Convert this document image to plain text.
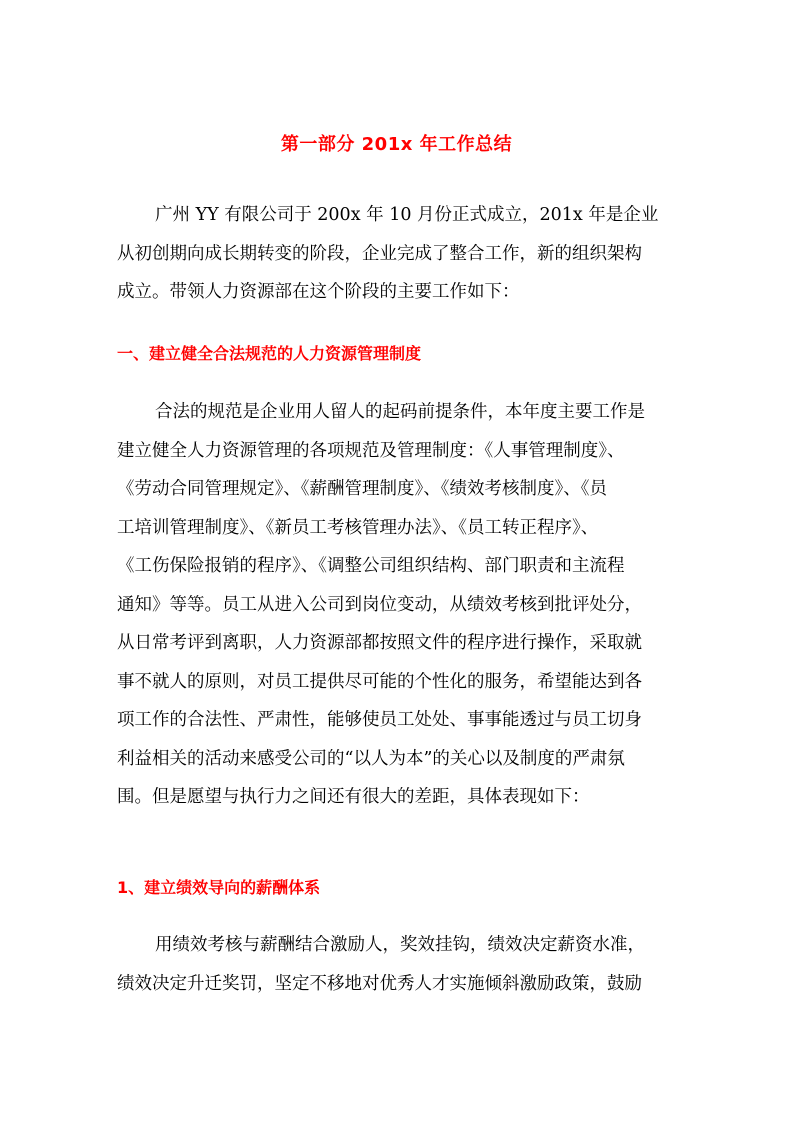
第一部分 201x 年工作总结
广州 YY 有限公司于 200x 年 10 月份正式成立，201x 年是企业
从初创期向成长期转变的阶段，企业完成了整合工作，新的组织架构
成立。带领人力资源部在这个阶段的主要工作如下：
一、建立健全合法规范的人力资源管理制度
合法的规范是企业用人留人的起码前提条件，本年度主要工作是
建立健全人力资源管理的各项规范及管理制度：《人事管理制度》、
《劳动合同管理规定》、《薪酬管理制度》、《绩效考核制度》、《员
工培训管理制度》、《新员工考核管理办法》、《员工转正程序》、
《工伤保险报销的程序》、《调整公司组织结构、部门职责和主流程
通知》等等。员工从进入公司到岗位变动，从绩效考核到批评处分，
从日常考评到离职，人力资源部都按照文件的程序进行操作，采取就
事不就人的原则，对员工提供尽可能的个性化的服务，希望能达到各
项工作的合法性、严肃性，能够使员工处处、事事能透过与员工切身
利益相关的活动来感受公司的“以人为本”的关心以及制度的严肃氛
围。但是愿望与执行力之间还有很大的差距，具体表现如下：
1、建立绩效导向的薪酬体系
用绩效考核与薪酬结合激励人，奖效挂钩，绩效决定薪资水准，
绩效决定升迁奖罚，坚定不移地对优秀人才实施倾斜激励政策，鼓励
